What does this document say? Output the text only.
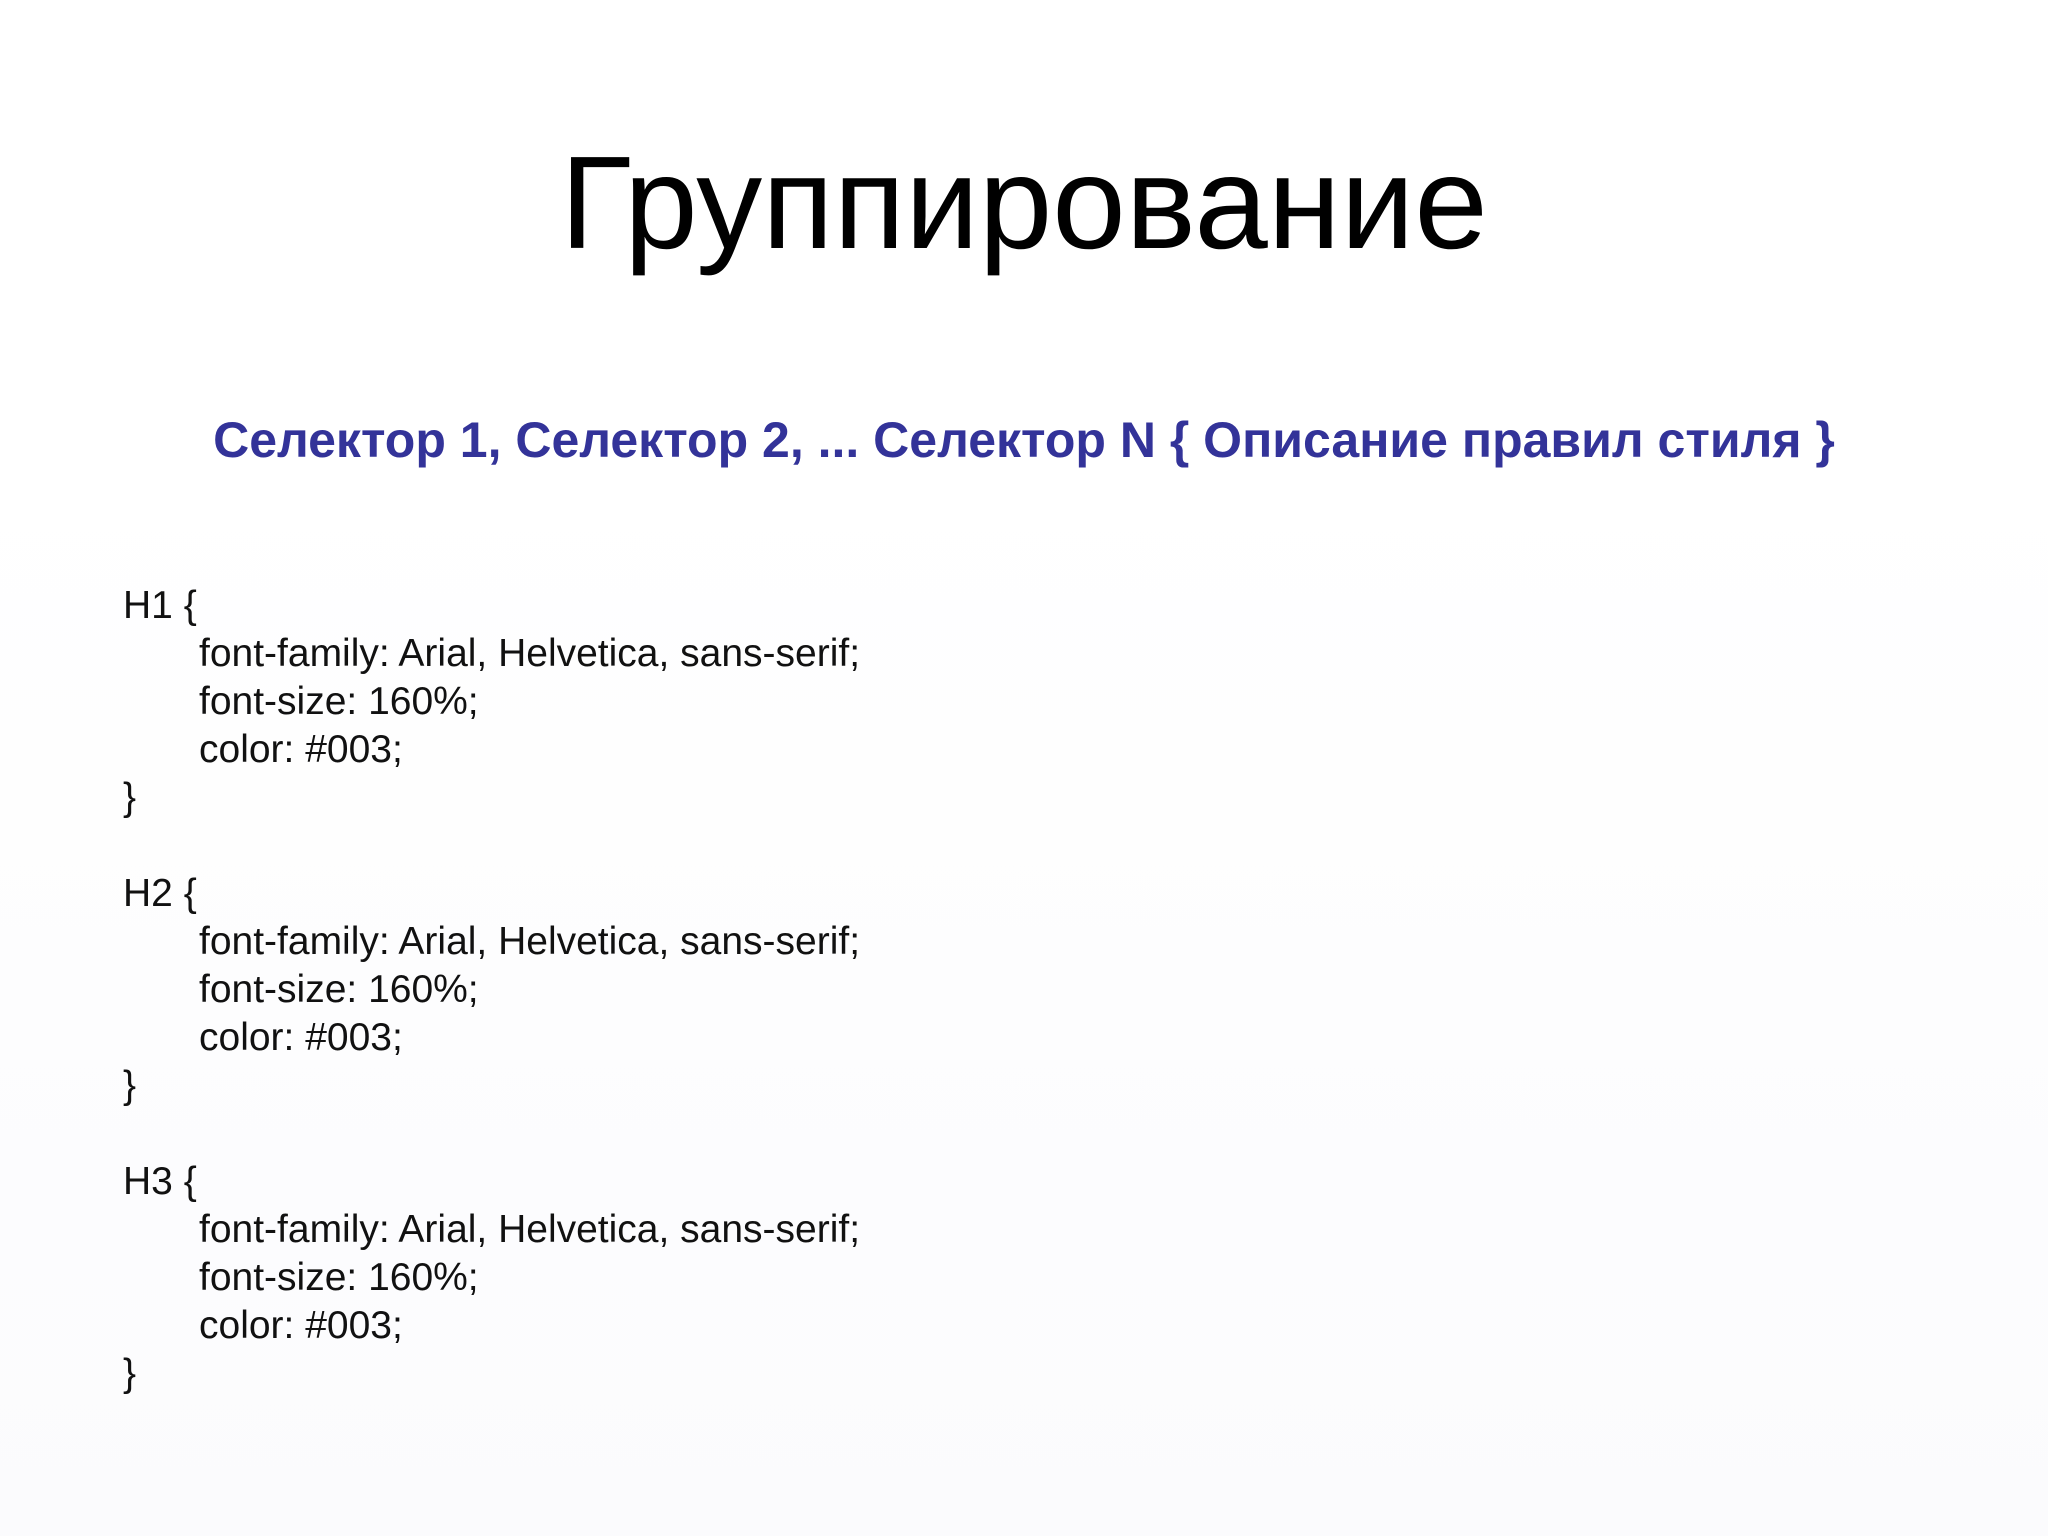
Группирование
Селектор 1, Селектор 2, ... Селектор N { Описание правил стиля }
H1 {
font-family: Arial, Helvetica, sans-serif;
font-size: 160%;
color: #003;
}
H2 {
font-family: Arial, Helvetica, sans-serif;
font-size: 160%;
color: #003;
}
H3 {
font-family: Arial, Helvetica, sans-serif;
font-size: 160%;
color: #003;
}
